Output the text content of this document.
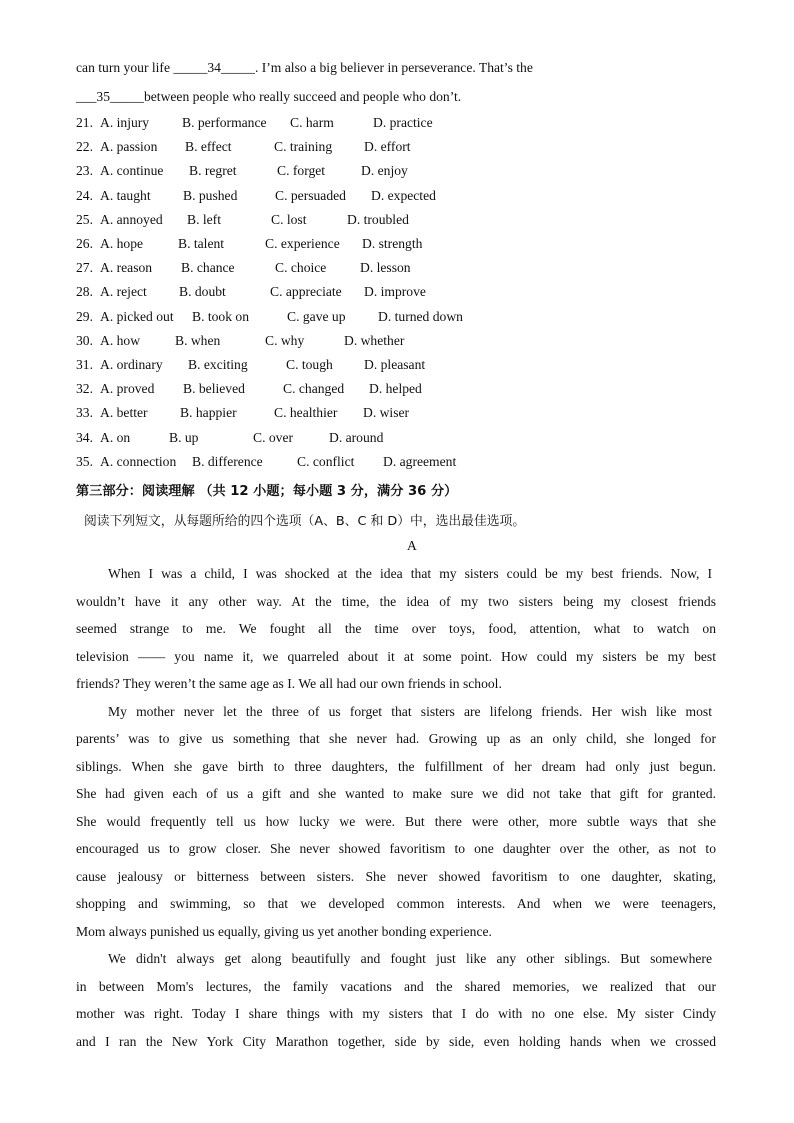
can turn your life _____34_____. I’m also a big believer in perseverance. That’s the
___35_____between people who really succeed and people who don’t.
21. A. injury B. performance C. harm	D. practice
22. A. passion B. effect	C. training D. effort
23. A. continue B. regret	C. forget	D. enjoy
24. A. taught B. pushed	C. persuaded D. expected
25. A. annoyed B. left	C. lost	D. troubled
26. A. hope	B. talent	C. experience D. strength
27. A. reason B. chance	C. choice D. lesson
28. A. reject B. doubt	C. appreciate D. improve
29. A. picked out B. took on	C. gave up D. turned down
30. A. how	B. when	C. why	D. whether
31. A. ordinary B. exciting	C. tough D. pleasant
32. A. proved B. believed	C. changed D. helped
33. A. better B. happier	C. healthier D. wiser
34. A. on	B. up	C. over	D. around
35. A. connection B. difference	C. conflict D. agreement
第三部分：阅读理解 （共 12 小题；每小题 3 分，满分 36 分）
阅读下列短文，从每题所给的四个选项（A、B、C 和 D）中，选出最佳选项。
A
When I was a child, I was shocked at the idea that my sisters could be my best friends. Now, I
wouldn’t have it any other way. At the time, the idea of my two sisters being my closest friends
seemed strange to me. We fought all the time over toys, food, attention, what to watch on
television —— you name it, we quarreled about it at some point. How could my sisters be my best
friends? They weren’t the same age as I. We all had our own friends in school.
My mother never let the three of us forget that sisters are lifelong friends. Her wish like most
parents’ was to give us something that she never had. Growing up as an only child, she longed for
siblings. When she gave birth to three daughters, the fulfillment of her dream had only just begun.
She had given each of us a gift and she wanted to make sure we did not take that gift for granted.
She would frequently tell us how lucky we were. But there were other, more subtle ways that she
encouraged us to grow closer. She never showed favoritism to one daughter over the other, as not to
cause jealousy or bitterness between sisters. She never showed favoritism to one daughter, skating,
shopping and swimming, so that we developed common interests. And when we were teenagers,
Mom always punished us equally, giving us yet another bonding experience.
We didn't always get along beautifully and fought just like any other siblings. But somewhere
in between Mom's lectures, the family vacations and the shared memories, we realized that our
mother was right. Today I share things with my sisters that I do with no one else. My sister Cindy
and I ran the New York City Marathon together, side by side, even holding hands when we crossed
